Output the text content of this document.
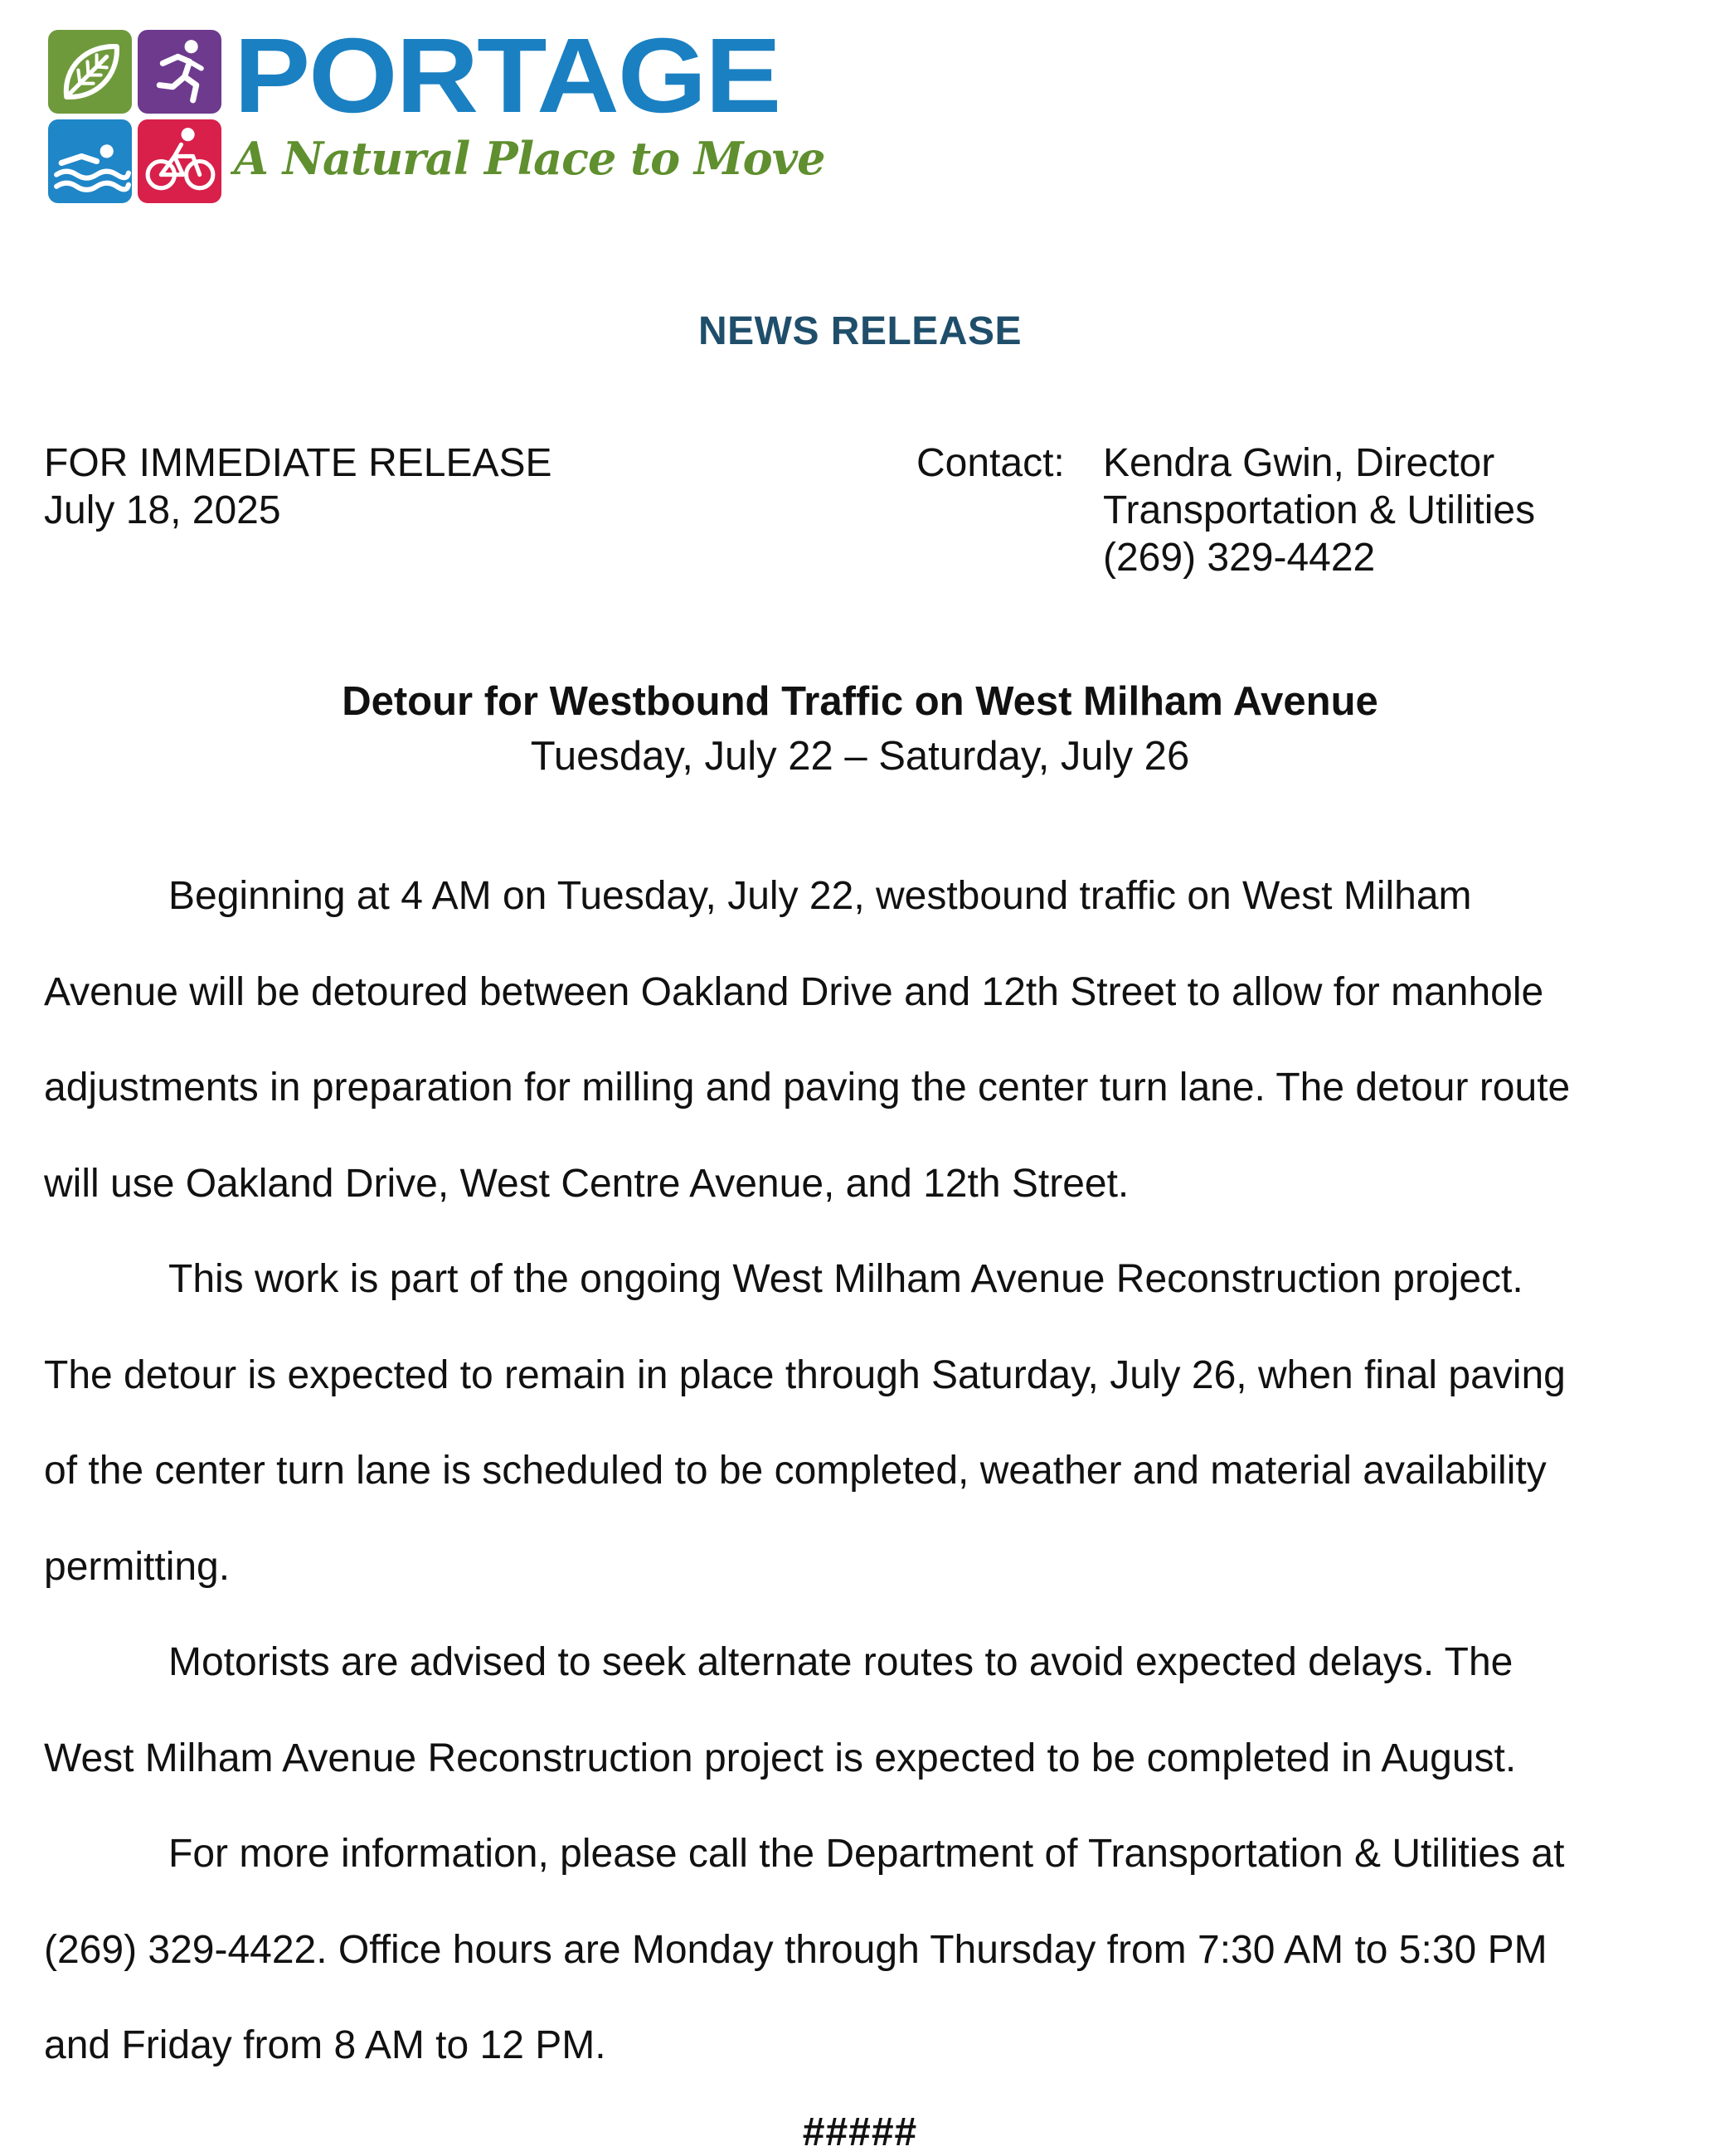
PORTAGE
A Natural Place to Move
NEWS RELEASE
FOR IMMEDIATE RELEASE
July 18, 2025
Contact: Kendra Gwin, Director
Transportation & Utilities
(269) 329-4422
Detour for Westbound Traffic on West Milham Avenue
Tuesday, July 22 – Saturday, July 26
Beginning at 4 AM on Tuesday, July 22, westbound traffic on West Milham
Avenue will be detoured between Oakland Drive and 12th Street to allow for manhole
adjustments in preparation for milling and paving the center turn lane. The detour route
will use Oakland Drive, West Centre Avenue, and 12th Street.
This work is part of the ongoing West Milham Avenue Reconstruction project.
The detour is expected to remain in place through Saturday, July 26, when final paving
of the center turn lane is scheduled to be completed, weather and material availability
permitting.
Motorists are advised to seek alternate routes to avoid expected delays. The
West Milham Avenue Reconstruction project is expected to be completed in August.
For more information, please call the Department of Transportation & Utilities at
(269) 329-4422. Office hours are Monday through Thursday from 7:30 AM to 5:30 PM
and Friday from 8 AM to 12 PM.
#####
